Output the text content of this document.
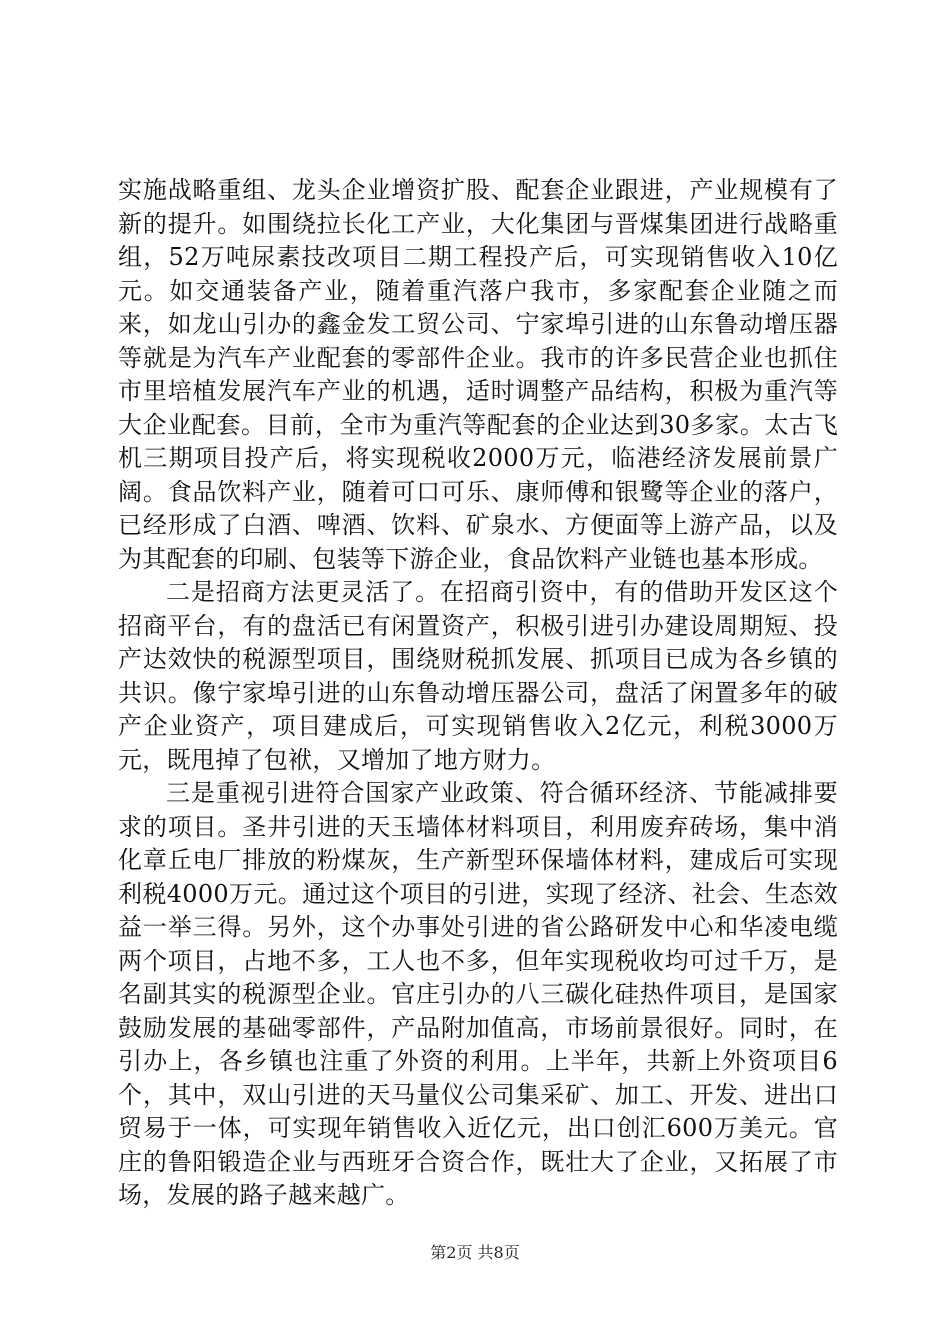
实施战略重组、龙头企业增资扩股、配套企业跟进，产业规模有了新的提升。如围绕拉长化工产业，大化集团与晋煤集团进行战略重组，52万吨尿素技改项目二期工程投产后，可实现销售收入10亿元。如交通装备产业，随着重汽落户我市，多家配套企业随之而来，如龙山引办的鑫金发工贸公司、宁家埠引进的山东鲁动增压器等就是为汽车产业配套的零部件企业。我市的许多民营企业也抓住市里培植发展汽车产业的机遇，适时调整产品结构，积极为重汽等大企业配套。目前，全市为重汽等配套的企业达到30多家。太古飞机三期项目投产后，将实现税收2000万元，临港经济发展前景广阔。食品饮料产业，随着可口可乐、康师傅和银鹭等企业的落户，已经形成了白酒、啤酒、饮料、矿泉水、方便面等上游产品，以及为其配套的印刷、包装等下游企业，食品饮料产业链也基本形成。

二是招商方法更灵活了。在招商引资中，有的借助开发区这个招商平台，有的盘活已有闲置资产，积极引进引办建设周期短、投产达效快的税源型项目，围绕财税抓发展、抓项目已成为各乡镇的共识。像宁家埠引进的山东鲁动增压器公司，盘活了闲置多年的破产企业资产，项目建成后，可实现销售收入2亿元，利税3000万元，既甩掉了包袱，又增加了地方财力。

三是重视引进符合国家产业政策、符合循环经济、节能减排要求的项目。圣井引进的天玉墙体材料项目，利用废弃砖场，集中消化章丘电厂排放的粉煤灰，生产新型环保墙体材料，建成后可实现利税4000万元。通过这个项目的引进，实现了经济、社会、生态效益一举三得。另外，这个办事处引进的省公路研发中心和华凌电缆两个项目，占地不多，工人也不多，但年实现税收均可过千万，是名副其实的税源型企业。官庄引办的八三碳化硅热件项目，是国家鼓励发展的基础零部件，产品附加值高，市场前景很好。同时，在引办上，各乡镇也注重了外资的利用。上半年，共新上外资项目6个，其中，双山引进的天马量仪公司集采矿、加工、开发、进出口贸易于一体，可实现年销售收入近亿元，出口创汇600万美元。官庄的鲁阳锻造企业与西班牙合资合作，既壮大了企业，又拓展了市场，发展的路子越来越广。

第2页 共8页
